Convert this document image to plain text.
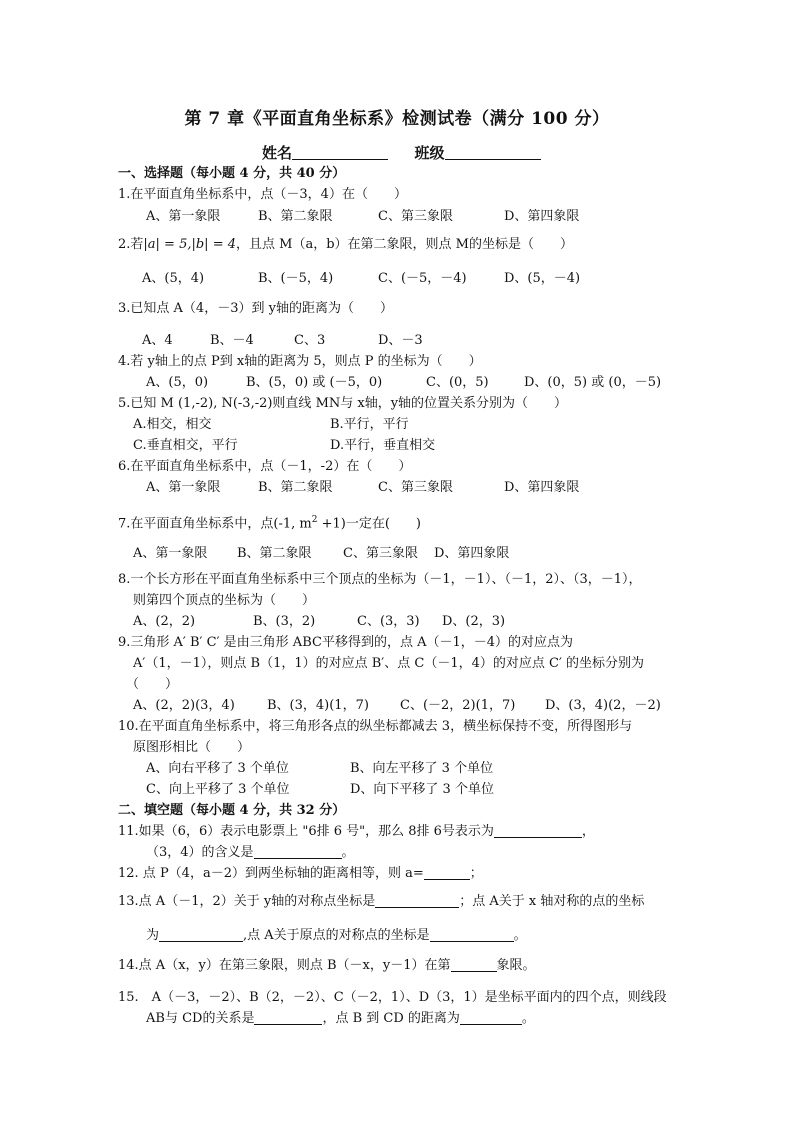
第 7 章《平面直角坐标系》检测试卷（满分 100 分）
姓名	班级
一、选择题（每小题 4 分，共 40 分）
1.在平面直角坐标系中，点（－3，4）在（　　）
A、第一象限	B、第二象限	C、第三象限	D、第四象限
2.若|a| = 5,|b| = 4，且点 M（a，b）在第二象限，则点 M的坐标是（　　）
A、(5，4)	B、(－5，4)	C、(－5，－4)	D、(5，－4)
3.已知点 A（4，－3）到 y轴的距离为（　　）
A、4	B、－4	C、3	D、－3
4.若 y轴上的点 P到 x轴的距离为 5，则点 P 的坐标为（　　）
A、(5，0)	B、(5，0) 或 (－5，0)	C、(0，5)	D、(0，5) 或 (0，－5)
5.已知 M (1,-2), N(-3,-2)则直线 MN与 x轴，y轴的位置关系分别为（　　）
A.相交，相交	B.平行，平行
C.垂直相交，平行	D.平行，垂直相交
6.在平面直角坐标系中，点（－1，-2）在（　　）
A、第一象限	B、第二象限	C、第三象限	D、第四象限
7.在平面直角坐标系中，点(-1, $m^2 +1$)一定在(　　)
A、第一象限 B、第二象限 C、第三象限 D、第四象限
8.一个长方形在平面直角坐标系中三个顶点的坐标为（－1，－1）、（－1，2）、（3，－1），
则第四个顶点的坐标为（　　）
A、(2，2)	B、(3，2)	C、(3，3) D、(2，3)
9.三角形 A′ B′ C′ 是由三角形 ABC平移得到的，点 A（－1，－4）的对应点为
A′（1，－1），则点 B（1，1）的对应点 B′、点 C（－1，4）的对应点 C′ 的坐标分别为
（　　）
A、(2，2)(3，4) B、(3，4)(1，7) C、(－2，2)(1，7) D、(3，4)(2，－2)
10.在平面直角坐标系中，将三角形各点的纵坐标都减去 3，横坐标保持不变，所得图形与
原图形相比（　　）
A、向右平移了 3 个单位	B、向左平移了 3 个单位
C、向上平移了 3 个单位	D、向下平移了 3 个单位
二、填空题（每小题 4 分，共 32 分）
11.如果（6，6）表示电影票上 "6排 6 号"，那么 8排 6号表示为	，
（3，4）的含义是	。
12. 点 P（4，a－2）到两坐标轴的距离相等，则 a=	；
13.点 A（－1，2）关于 y轴的对称点坐标是	；点 A关于 x 轴对称的点的坐标
为	,点 A关于原点的对称点的坐标是	。
14.点 A（x，y）在第三象限，则点 B（－x，y－1）在第	象限。
15.　A（－3，－2）、B（2，－2）、C（－2，1）、D（3，1）是坐标平面内的四个点，则线段
AB与 CD的关系是	，点 B 到 CD 的距离为	。
